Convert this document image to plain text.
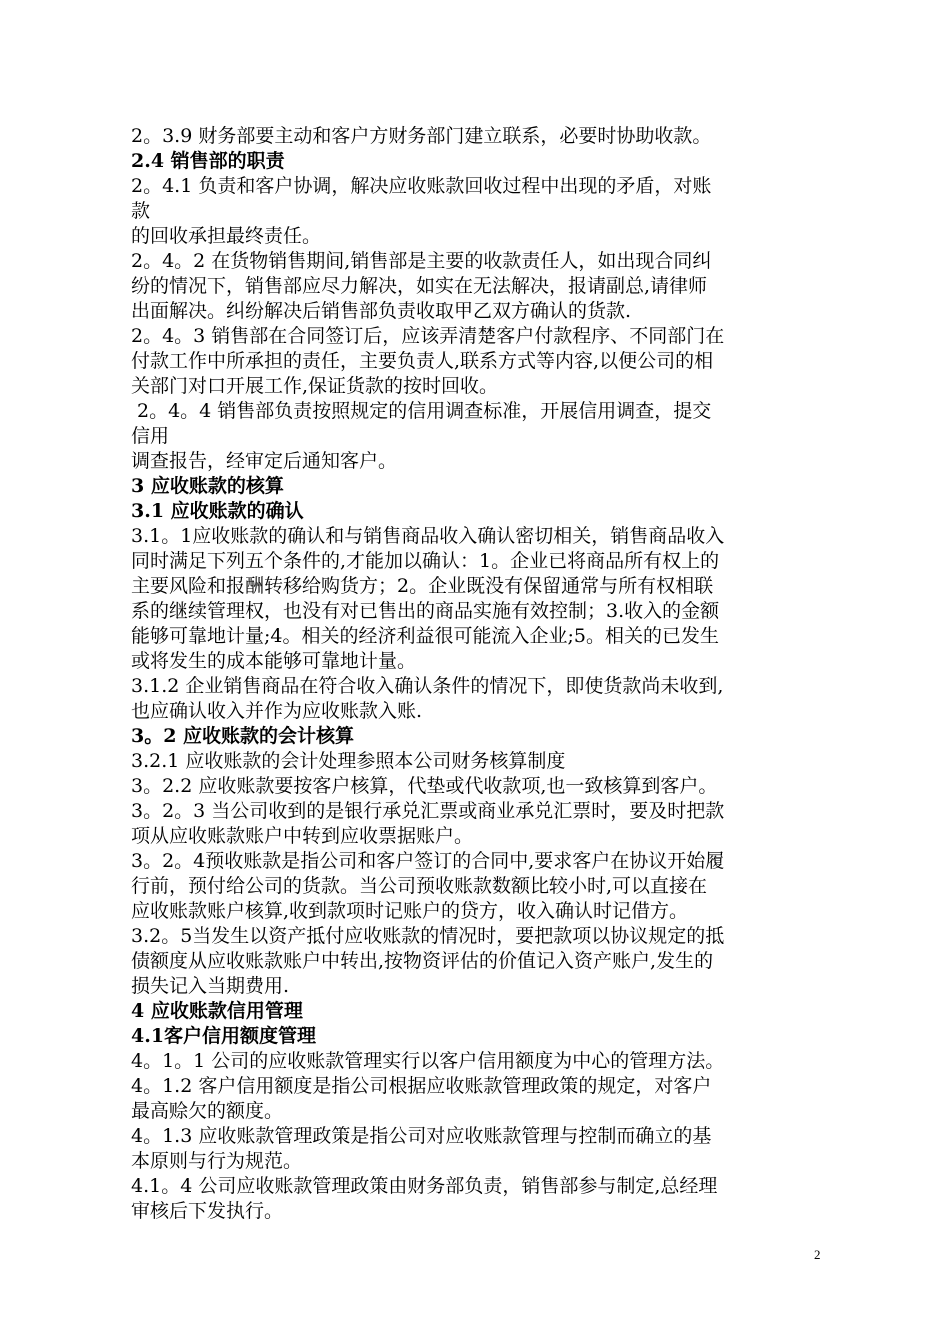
2。3.9 财务部要主动和客户方财务部门建立联系，必要时协助收款。
2.4 销售部的职责
2。4.1 负责和客户协调，解决应收账款回收过程中出现的矛盾，对账
款
的回收承担最终责任。
2。4。2 在货物销售期间,销售部是主要的收款责任人，如出现合同纠
纷的情况下，销售部应尽力解决，如实在无法解决，报请副总,请律师
出面解决。纠纷解决后销售部负责收取甲乙双方确认的货款.
2。4。3 销售部在合同签订后，应该弄清楚客户付款程序、不同部门在
付款工作中所承担的责任，主要负责人,联系方式等内容,以便公司的相
关部门对口开展工作,保证货款的按时回收。
2。4。4 销售部负责按照规定的信用调查标准，开展信用调查，提交
信用
调查报告，经审定后通知客户。
3 应收账款的核算
3.1 应收账款的确认
3.1。1应收账款的确认和与销售商品收入确认密切相关，销售商品收入
同时满足下列五个条件的,才能加以确认：1。企业已将商品所有权上的
主要风险和报酬转移给购货方；2。企业既没有保留通常与所有权相联
系的继续管理权，也没有对已售出的商品实施有效控制；3.收入的金额
能够可靠地计量;4。相关的经济利益很可能流入企业;5。相关的已发生
或将发生的成本能够可靠地计量。
3.1.2 企业销售商品在符合收入确认条件的情况下，即使货款尚未收到,
也应确认收入并作为应收账款入账.
3。2 应收账款的会计核算
3.2.1 应收账款的会计处理参照本公司财务核算制度
3。2.2 应收账款要按客户核算，代垫或代收款项,也一致核算到客户。
3。2。3 当公司收到的是银行承兑汇票或商业承兑汇票时，要及时把款
项从应收账款账户中转到应收票据账户。
3。2。4预收账款是指公司和客户签订的合同中,要求客户在协议开始履
行前，预付给公司的货款。当公司预收账款数额比较小时,可以直接在
应收账款账户核算,收到款项时记账户的贷方，收入确认时记借方。
3.2。5当发生以资产抵付应收账款的情况时，要把款项以协议规定的抵
债额度从应收账款账户中转出,按物资评估的价值记入资产账户,发生的
损失记入当期费用.
4 应收账款信用管理
4.1客户信用额度管理
4。1。1 公司的应收账款管理实行以客户信用额度为中心的管理方法。
4。1.2 客户信用额度是指公司根据应收账款管理政策的规定，对客户
最高赊欠的额度。
4。1.3 应收账款管理政策是指公司对应收账款管理与控制而确立的基
本原则与行为规范。
4.1。4 公司应收账款管理政策由财务部负责，销售部参与制定,总经理
审核后下发执行。
2
